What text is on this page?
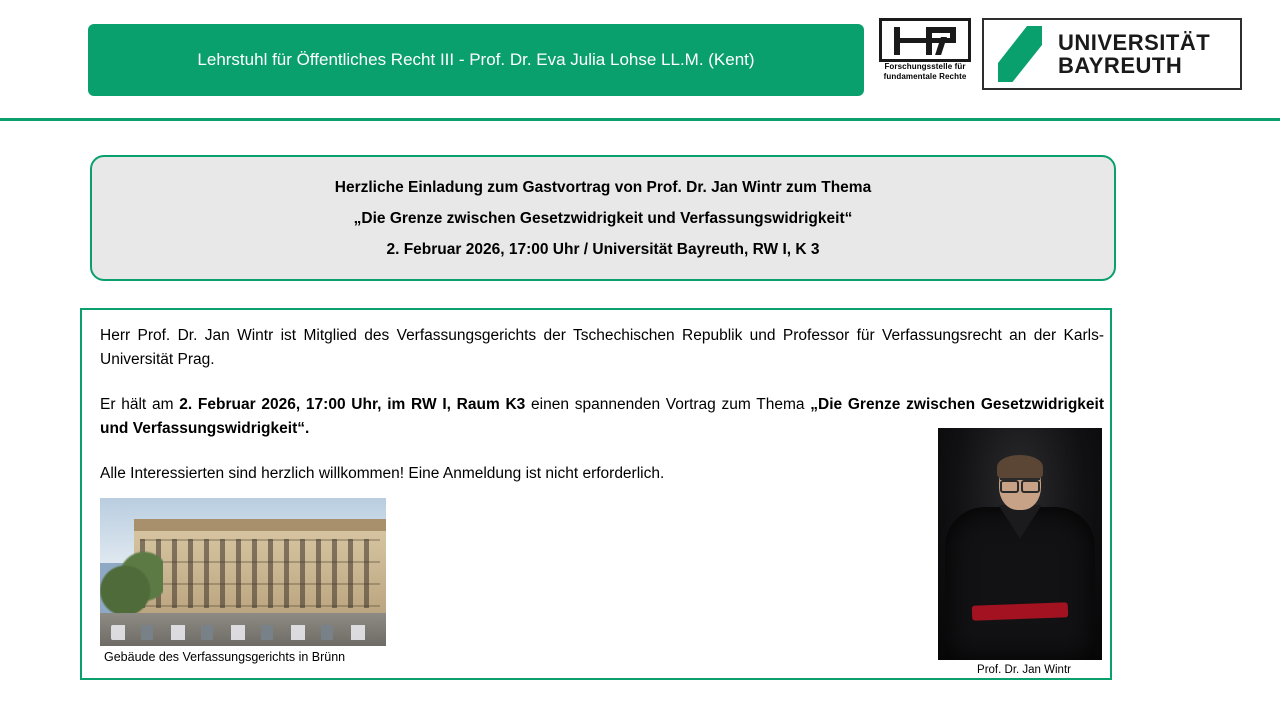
Lehrstuhl für Öffentliches Recht III - Prof. Dr. Eva Julia Lohse LL.M. (Kent)	Forschungsstelle für
fundamentale Rechte
UNIVERSITÄT
BAYREUTH

Herzliche Einladung zum Gastvortrag von Prof. Dr. Jan Wintr zum Thema

„Die Grenze zwischen Gesetzwidrigkeit und Verfassungswidrigkeit“

2. Februar 2026, 17:00 Uhr / Universität Bayreuth, RW I, K 3

Herr Prof. Dr. Jan Wintr ist Mitglied des Verfassungsgerichts der Tschechischen Republik und Professor für Verfassungsrecht an der Karls-Universität Prag.

Er hält am 2. Februar 2026, 17:00 Uhr, im RW I, Raum K3 einen spannenden Vortrag zum Thema „Die Grenze zwischen Gesetzwidrigkeit und Verfassungswidrigkeit“.

Alle Interessierten sind herzlich willkommen! Eine Anmeldung ist nicht erforderlich.

Gebäude des Verfassungsgerichts in Brünn
Prof. Dr. Jan Wintr
